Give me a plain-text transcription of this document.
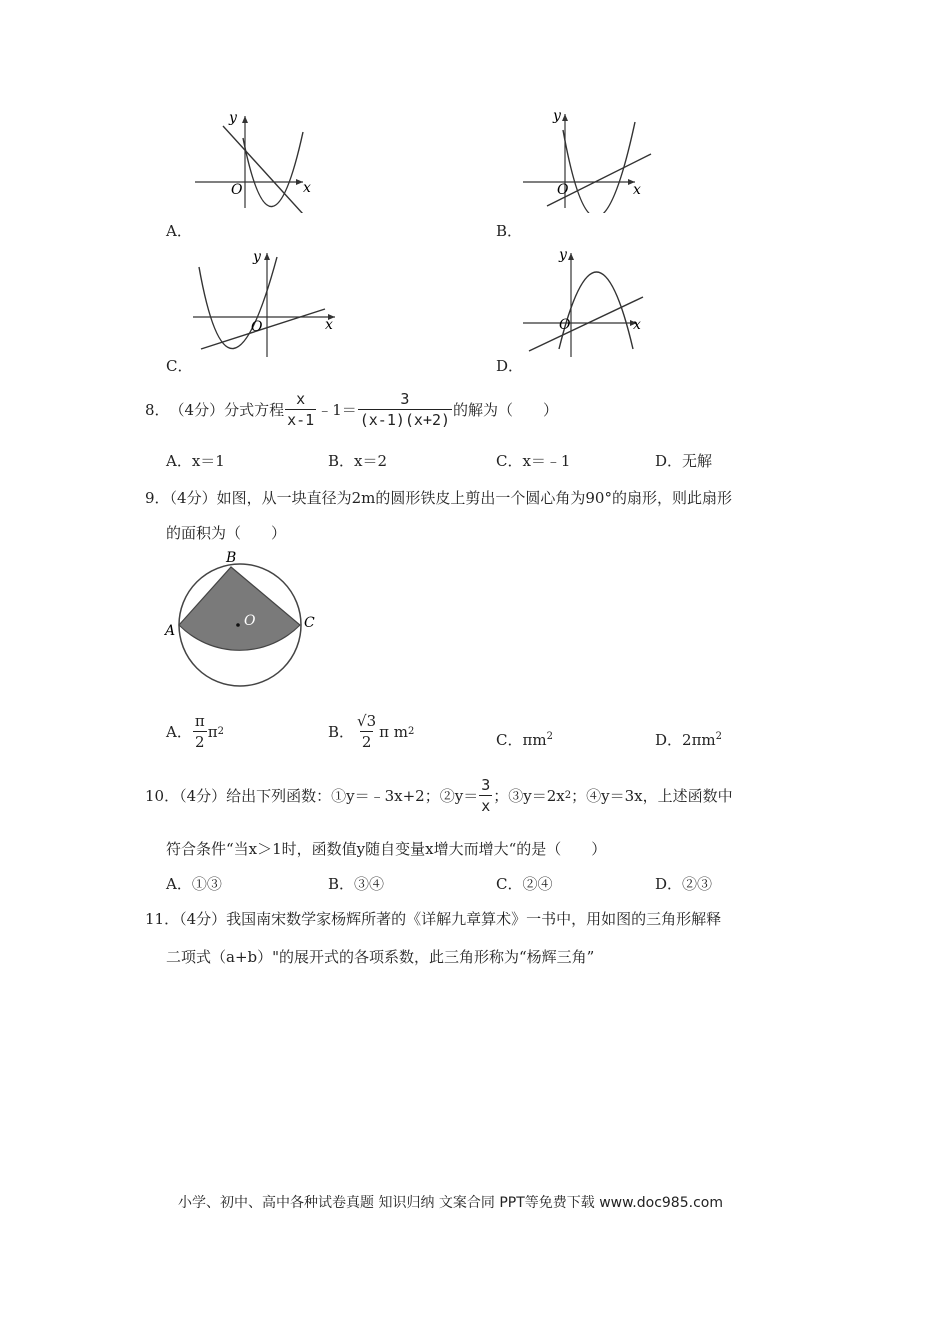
y
x
O
A．
y
x
O
B．
y
x
O
C．
y
x
O
D．
8． （4分）分式方程 $\frac{x}{x-1}$ ﹣1＝ $\frac{3}{(x-1)(x+2)}$ 的解为（　　）
A．x＝1	B．x＝2	C．x＝﹣1	D．无解
9．（4分）如图，从一块直径为2m的圆形铁皮上剪出一个圆心角为90°的扇形，则此扇形
的面积为（　　）
B
A	C
O
A． $\frac{\pi}{2}$ π 2	B． $\frac{√3}{2}$ π m 2	C．$\pi m^2$	D．$2\pi m^2$
10．（4分）给出下列函数：①y＝﹣3x+2；②y＝ $\frac{3}{x}$ ；③y＝2x 2 ；④y＝3x，上述函数中
符合条件“当x＞1时，函数值y随自变量x增大而增大“的是（　　）
A．①③	B．③④	C．②④	D．②③
11．（4分）我国南宋数学家杨辉所著的《详解九章算术》一书中，用如图的三角形解释
二项式（a+b）"的展开式的各项系数，此三角形称为“杨辉三角”
小学、初中、高中各种试卷真题 知识归纳 文案合同 PPT等免费下载 www.doc985.com
